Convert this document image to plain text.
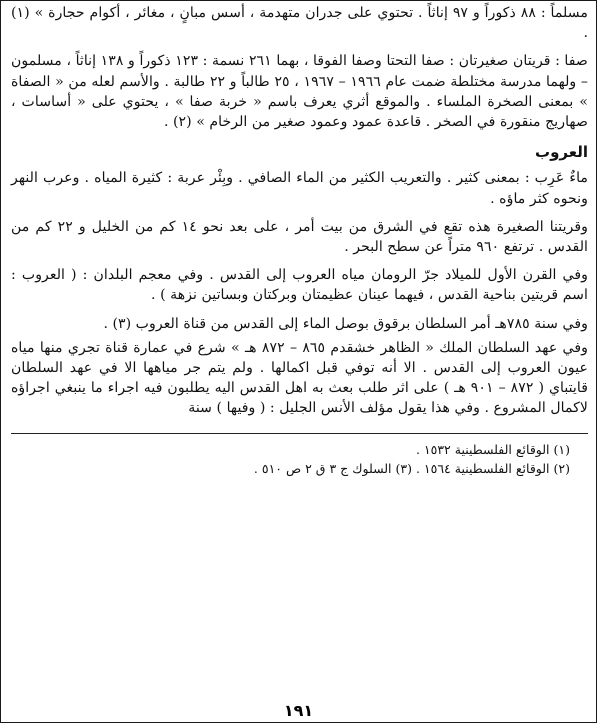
مسلماً : ٨٨ ذكوراً و ٩٧ إناثاً . تحتوي على جدران متهدمة ، أسس مبانٍ ، مغائر ، أكوام حجارة » (١) .

صفا : قريتان صغيرتان : صفا التحتا وصفا الفوقا ، بهما ٢٦١ نسمة : ١٢٣ ذكوراً و ١٣٨ إناثاً ، مسلمون – ولهما مدرسة مختلطة ضمت عام ١٩٦٦ – ١٩٦٧ ، ٢٥ طالباً و ٢٢ طالبة . والأسم لعله من « الصفاة » بمعنى الصخرة الملساء . والموقع أثري يعرف باسم « خربة صفا » ، يحتوي على « أساسات ، صهاريج منقورة في الصخر . قاعدة عمود وعمود صغير من الرخام » (٢) .

العروب

ماءٌ عَرِب : بمعنى كثير . والتعريب الكثير من الماء الصافي . وبِئْر عربة : كثيرة المياه . وعرب النهر ونحوه كثر ماؤه .

وقريتنا الصغيرة هذه تقع في الشرق من بيت أمر ، على بعد نحو ١٤ كم من الخليل و ٢٢ كم من القدس . ترتفع ٩٦٠ متراً عن سطح البحر .

وفي القرن الأول للميلاد جرّ الرومان مياه العروب إلى القدس . وفي معجم البلدان : ( العروب : اسم قريتين بناحية القدس ، فيهما عينان عظيمتان وبركتان وبساتين نزهة ) .

وفي سنة ٧٨٥هـ أمر السلطان برقوق بوصل الماء إلى القدس من قناة العروب (٣) .

وفي عهد السلطان الملك « الظاهر خشقدم ٨٦٥ – ٨٧٢ هـ » شرع في عمارة قناة تجري منها مياه عيون العروب إلى القدس . الا أنه توفي قبل اكمالها . ولم يتم جر مياهها الا في عهد السلطان قايتباي ( ٨٧٢ – ٩٠١ هـ ) على اثر طلب بعث به اهل القدس اليه يطلبون فيه اجراء ما ينبغي اجراؤه لاكمال المشروع . وفي هذا يقول مؤلف الأنس الجليل : ( وفيها ) سنة

(١) الوقائع الفلسطينية ١٥٣٢ .
(٢) الوقائع الفلسطينية ١٥٦٤ . (٣) السلوك ج ٣ ق ٢ ص ٥١٠ .
١٩١
